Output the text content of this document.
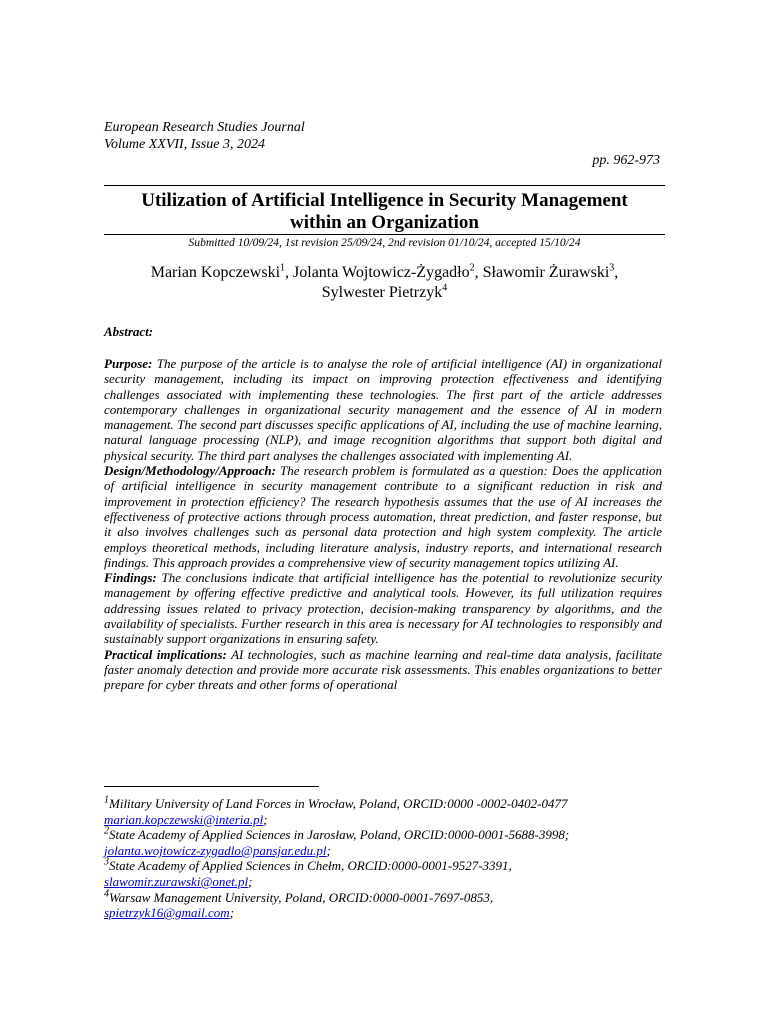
European Research Studies Journal
Volume XXVII, Issue 3, 2024
pp. 962-973
Utilization of Artificial Intelligence in Security Management
within an Organization
Submitted 10/09/24, 1st revision 25/09/24, 2nd revision 01/10/24, accepted 15/10/24
Marian Kopczewski$^1$, Jolanta Wojtowicz-Żygadło$^2$, Sławomir Żurawski$^3$,
Sylwester Pietrzyk$^4$
Abstract:

Purpose: The purpose of the article is to analyse the role of artificial intelligence (AI) in organizational security management, including its impact on improving protection effectiveness and identifying challenges associated with implementing these technologies. The first part of the article addresses contemporary challenges in organizational security management and the essence of AI in modern management. The second part discusses specific applications of AI, including the use of machine learning, natural language processing (NLP), and image recognition algorithms that support both digital and physical security. The third part analyses the challenges associated with implementing AI.

Design/Methodology/Approach: The research problem is formulated as a question: Does the application of artificial intelligence in security management contribute to a significant reduction in risk and improvement in protection efficiency? The research hypothesis assumes that the use of AI increases the effectiveness of protective actions through process automation, threat prediction, and faster response, but it also involves challenges such as personal data protection and high system complexity. The article employs theoretical methods, including literature analysis, industry reports, and international research findings. This approach provides a comprehensive view of security management topics utilizing AI.

Findings: The conclusions indicate that artificial intelligence has the potential to revolutionize security management by offering effective predictive and analytical tools. However, its full utilization requires addressing issues related to privacy protection, decision-making transparency by algorithms, and the availability of specialists. Further research in this area is necessary for AI technologies to responsibly and sustainably support organizations in ensuring safety.

Practical implications: AI technologies, such as machine learning and real-time data analysis, facilitate faster anomaly detection and provide more accurate risk assessments. This enables organizations to better prepare for cyber threats and other forms of operational

$^1$Military University of Land Forces in Wrocław, Poland, ORCID:0000 -0002-0402-0477
marian.kopczewski@interia.pl;
$^2$State Academy of Applied Sciences in Jarosław, Poland, ORCID:0000-0001-5688-3998;
jolanta.wojtowicz-zygadlo@pansjar.edu.pl;
$^3$State Academy of Applied Sciences in Chełm, ORCID:0000-0001-9527-3391,
slawomir.zurawski@onet.pl;
$^4$Warsaw Management University, Poland, ORCID:0000-0001-7697-0853,
spietrzyk16@gmail.com;
